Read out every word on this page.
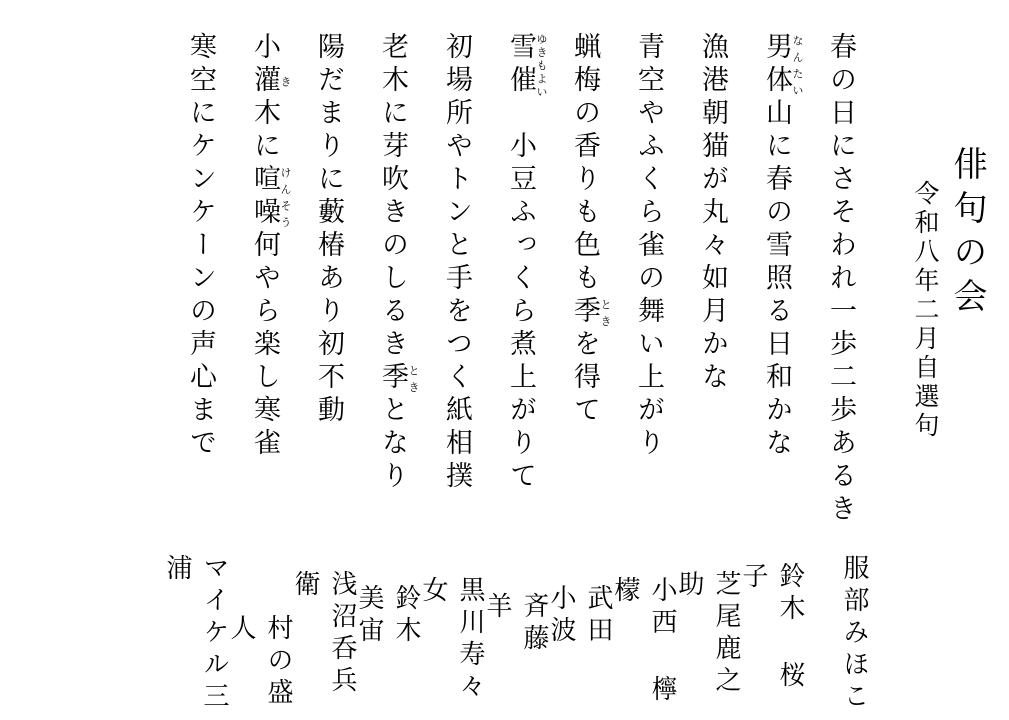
俳句の会
令和八年二月自選句
春の日にさそわれ一歩二歩あるき
服部みほこ
男体 なんたい山に春の雪照る日和かな
鈴木 桜子
漁港朝猫が丸々如月かな
芝尾鹿之助
青空やふくら雀の舞い上がり
小西 檸檬
蝋梅の香りも色も季 ときを得て
武田 小波
雪催 ゆきもよい　小豆ふっくら煮上がりて
斉藤 羊
初場所やトンと手をつく紙相撲
黒川寿々女
老木に芽吹きのしるき季 ときとなり
鈴木 美宙
陽だまりに藪椿あり初不動
浅沼呑兵衛
小灌 き木に喧噪 けんそう何やら楽し寒雀
村の盛人
寒空にケンケーンの声心まで
マイケル三浦
